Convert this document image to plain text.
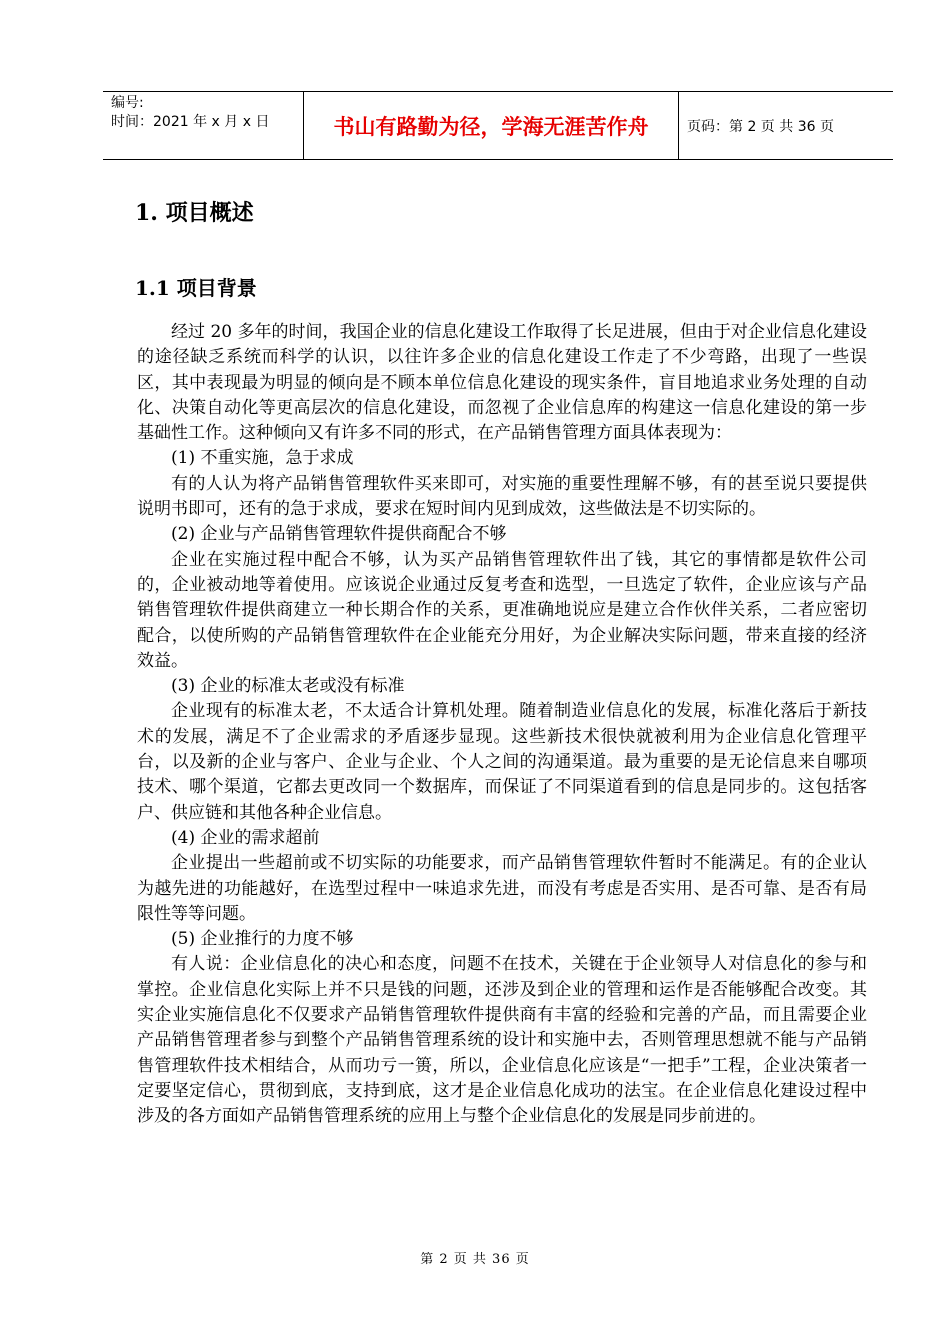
编号:
时间：2021 年 x 月 x 日	书山有路勤为径，学海无涯苦作舟	页码：第 2 页 共 36 页
1. 项目概述
1.1 项目背景

经过 20 多年的时间，我国企业的信息化建设工作取得了长足进展，但由于对企业信息化建设的途径缺乏系统而科学的认识，以往许多企业的信息化建设工作走了不少弯路，出现了一些误区，其中表现最为明显的倾向是不顾本单位信息化建设的现实条件，盲目地追求业务处理的自动化、决策自动化等更高层次的信息化建设，而忽视了企业信息库的构建这一信息化建设的第一步基础性工作。这种倾向又有许多不同的形式，在产品销售管理方面具体表现为：

(1) 不重实施，急于求成

有的人认为将产品销售管理软件买来即可，对实施的重要性理解不够，有的甚至说只要提供说明书即可，还有的急于求成，要求在短时间内见到成效，这些做法是不切实际的。

(2) 企业与产品销售管理软件提供商配合不够

企业在实施过程中配合不够，认为买产品销售管理软件出了钱，其它的事情都是软件公司的，企业被动地等着使用。应该说企业通过反复考查和选型，一旦选定了软件，企业应该与产品销售管理软件提供商建立一种长期合作的关系，更准确地说应是建立合作伙伴关系，二者应密切配合，以使所购的产品销售管理软件在企业能充分用好，为企业解决实际问题，带来直接的经济效益。

(3) 企业的标准太老或没有标准

企业现有的标准太老，不太适合计算机处理。随着制造业信息化的发展，标准化落后于新技术的发展，满足不了企业需求的矛盾逐步显现。这些新技术很快就被利用为企业信息化管理平台，以及新的企业与客户、企业与企业、个人之间的沟通渠道。最为重要的是无论信息来自哪项技术、哪个渠道，它都去更改同一个数据库，而保证了不同渠道看到的信息是同步的。这包括客户、供应链和其他各种企业信息。

(4) 企业的需求超前

企业提出一些超前或不切实际的功能要求，而产品销售管理软件暂时不能满足。有的企业认为越先进的功能越好，在选型过程中一味追求先进，而没有考虑是否实用、是否可靠、是否有局限性等等问题。

(5) 企业推行的力度不够

有人说：企业信息化的决心和态度，问题不在技术，关键在于企业领导人对信息化的参与和掌控。企业信息化实际上并不只是钱的问题，还涉及到企业的管理和运作是否能够配合改变。其实企业实施信息化不仅要求产品销售管理软件提供商有丰富的经验和完善的产品，而且需要企业产品销售管理者参与到整个产品销售管理系统的设计和实施中去，否则管理思想就不能与产品销售管理软件技术相结合，从而功亏一篑，所以，企业信息化应该是“一把手”工程，企业决策者一定要坚定信心，贯彻到底，支持到底，这才是企业信息化成功的法宝。在企业信息化建设过程中涉及的各方面如产品销售管理系统的应用上与整个企业信息化的发展是同步前进的。

第 2 页 共 36 页
